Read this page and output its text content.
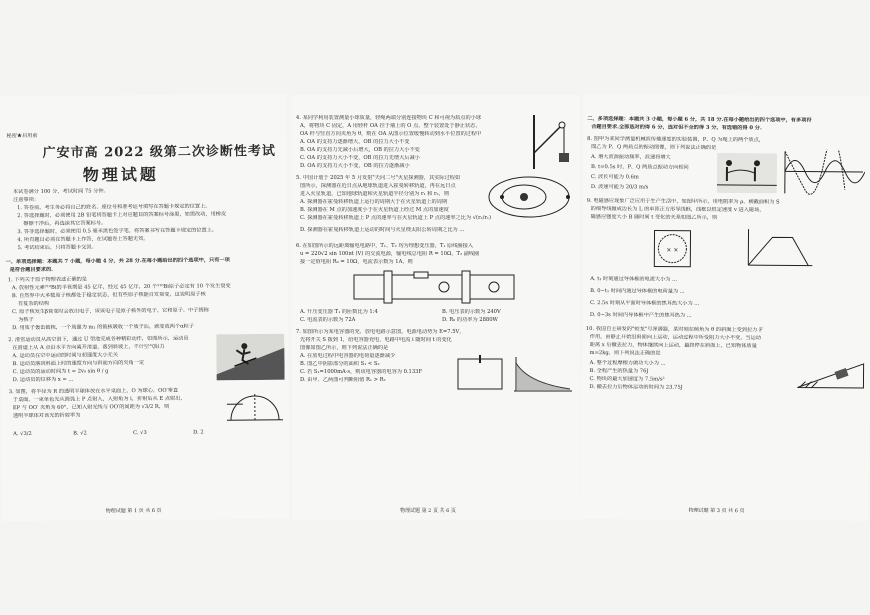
秘密★启用前
广安市高 2022 级第二次诊断性考试
物理试题
本试卷满分 100 分，考试时间 75 分钟。
注意事项：
1. 答卷前，考生务必将自己的姓名、座位号和准考证号填写在答题卡规定的位置上。
2. 答选择题时，必须使用 2B 铅笔将答题卡上对应题目的答案标号涂黑，如需改动，用橡皮
擦擦干净后，再选涂其它答案标号。
3. 答非选择题时，必须使用 0.5 毫米黑色签字笔，将答案书写在答题卡规定的位置上。
4. 所有题目必须在答题卡上作答，在试题卷上答题无效。
5. 考试结束后，只将答题卡交回。
一、单项选择题：本题共 7 小题，每小题 4 分，共 28 分.在每小题给出的四个选项中，只有一项
是符合题目要求的.
1. 下列关于原子物理表述正确的是
A. 放射性元素²¹⁰Bi的半衰期是 45 亿年，经过 45 亿年，20 个²¹⁰Bi原子必定有 10 个发生衰变
B. 自然界中大多数原子核都处于稳定状态，但有些原子核能自发衰变，这说明原子核
有复杂的结构
C. 原子核发生β衰变时会放出电子，该该电子是原子核外的电子，它和原子、中子统称
为核子
D. 用质子轰击铍核，一个质量为 m₁ 的铍核吸收一个质子后，就变成两个α粒子
2. 滑雪运动员从高空滑下，通过 U 型池完成各种精彩动作，如图所示，运动员
在滑道上从 A 点沿水平方向离开滑道，落到斜坡上，不计空气阻力
A. 运动员在空中运动的时间与初速度大小无关
B. 运动员落到斜面上时的速度方向与斜面方向的夹角一定
C. 运动员的运动时间为 t = 2v₀ sin θ / g
D. 运动员的位移为 x = ...
3. 如图，将半径为 R 的透明半球体放在水平桌面上，O 为球心，OO′垂直
于桌面，一束单色光从圆弧上 P 点射入，入射角为 i，折射后从 E 点射出，
EP 与 OO′ 夹角为 60°，已知入射光线与 OO′的间距为 √3/2 R，则
透明半球体对该光的折射率为
A. √3/2	B. √2	C. √3	D. 2
物理试题 第 1 页 共 6 页
4. 某同学利用装置测量小球质量，轻绳两端分别连接物块 C 和可视为质点的小球
A，将物块 C 固定，A 用轻杆 OA 挂于墙上的 O 点，整个装置处于静止状态，
OA 杆与竖直方向夹角为 θ，则在 OA 从图示位置缓慢转动到水平位置的过程中
A. OA 的支持力逐渐增大，OB 的拉力大小不变
B. OA 的支持力先减小后增大，OB 的拉力大小不变
C. OA 的支持力大小不变，OB 的拉力先增大后减小
D. OA 的支持力大小不变，OB 的拉力逐渐减小
5. 中国计划于 2025 年 5 月发射"天问二号"火星探测器，其实际过程如
图所示，探测器在近日点从地球轨道进入霍曼转移轨道，再在远日点
进入火星轨道，已知地球轨道和火星轨道半径分别为 r₁ 和 r₂，则
A. 探测器在霍曼转移轨道上运行的周期大于在火星轨道上的周期
B. 探测器在 M 点的加速度小于在火星轨道上经过 M 点的加速度
C. 探测器在霍曼转移轨道上 P 点的速率与在火星轨道上 P 点的速率之比为 √(r₂/r₁)
D. 探测器在霍曼转移轨道上运动的时间与火星绕太阳公转周期之比为 ...
6. 在如图所示的远距离输电电路中，T₁、T₂ 均为理想变压器，T₁ 原线圈接入
u = 220√2 sin 100πt (V) 的交流电源，输电线总电阻 R = 10Ω，T₂ 副线圈
接一定值电阻 R₀ = 10Ω，电流表示数为 1A，则
A. 升压变压器 T₁ 的匝数比为 1:4	B. 电压表的示数为 240V
C. 电流表的示数为 72A	D. R₀ 的功率为 2880W
7. 如图所示为某电容器的充、放电电路示意图。电源电动势为 E=7.5V，
先将开关 S 拨到 1，给电容器充电，电路中电流 i 随时间 t 的变化
图像如图乙所示，则下列说法正确的是
A. 在放电过程中电容器的电荷量逐渐减少
B. 图乙中阴影部分的面积 S₁ < S₂
C. 若 S₁=1000mA·s，则该电容器的电容为 0.133F
D. 由甲、乙两图可判断阻值 R₁ > R₂
物理试题 第 2 页 共 6 页
二、多项选择题：本题共 3 小题，每小题 6 分，共 18 分.在每小题给出的四个选项中，有多项符
合题目要求.全部选对的得 6 分，选对但不全的得 3 分，有选错的得 0 分.
8. 图甲为某同学测量机械波传播速度的实验装置，P、Q 为绳上的两个质点，
图乙为 P、Q 两质点的振动图像，则下列说法正确的是
A. 增大波源振动频率，波速将增大
B. t=0.5s 时，P、Q 两质点振动方向相同
C. 波长可能为 0.6m
D. 波速可能为 20/3 m/s
9. 电磁感应现象广泛应用于生产生活中，如图甲所示，用电阻率为 ρ、横截面积为 S
的细导线做成边长为 L 的单匝正方形导线框，线框以恒定速度 v 进入磁场，
磁感应强度大小 B 随时间 t 变化的关系如图乙所示，则
× ×
A. t₁ 时刻通过导体框的电流大小为 ...
B. 0~t₁ 时间内通过导体框的电荷量为 ...
C. 2.5s 时刻从平面时导体框的焦耳热大小为 ...
D. 0~3s 时间内导体框中产生的焦耳热为 ...
10. 我国自主研发的"蛟龙"号深潜器，某时刻在倾角为 θ 的斜面上受到拉力 F
作用，由静止开始沿斜面向上运动，运动过程中所受阻力大小不变，当运动
距离 x 后撤去拉力，物体继续向上运动，最终停在斜面上，已知物体质量
m=2kg，则下列说法正确的是
A. 整个过程摩擦力做功大小为 ...
B. 全程产生的热量为 76J
C. 物块的最大加速度为 7.5m/s²
D. 撤去拉力后物体运动的时间为 23.75J
物理试题 第 3 页 共 6 页
